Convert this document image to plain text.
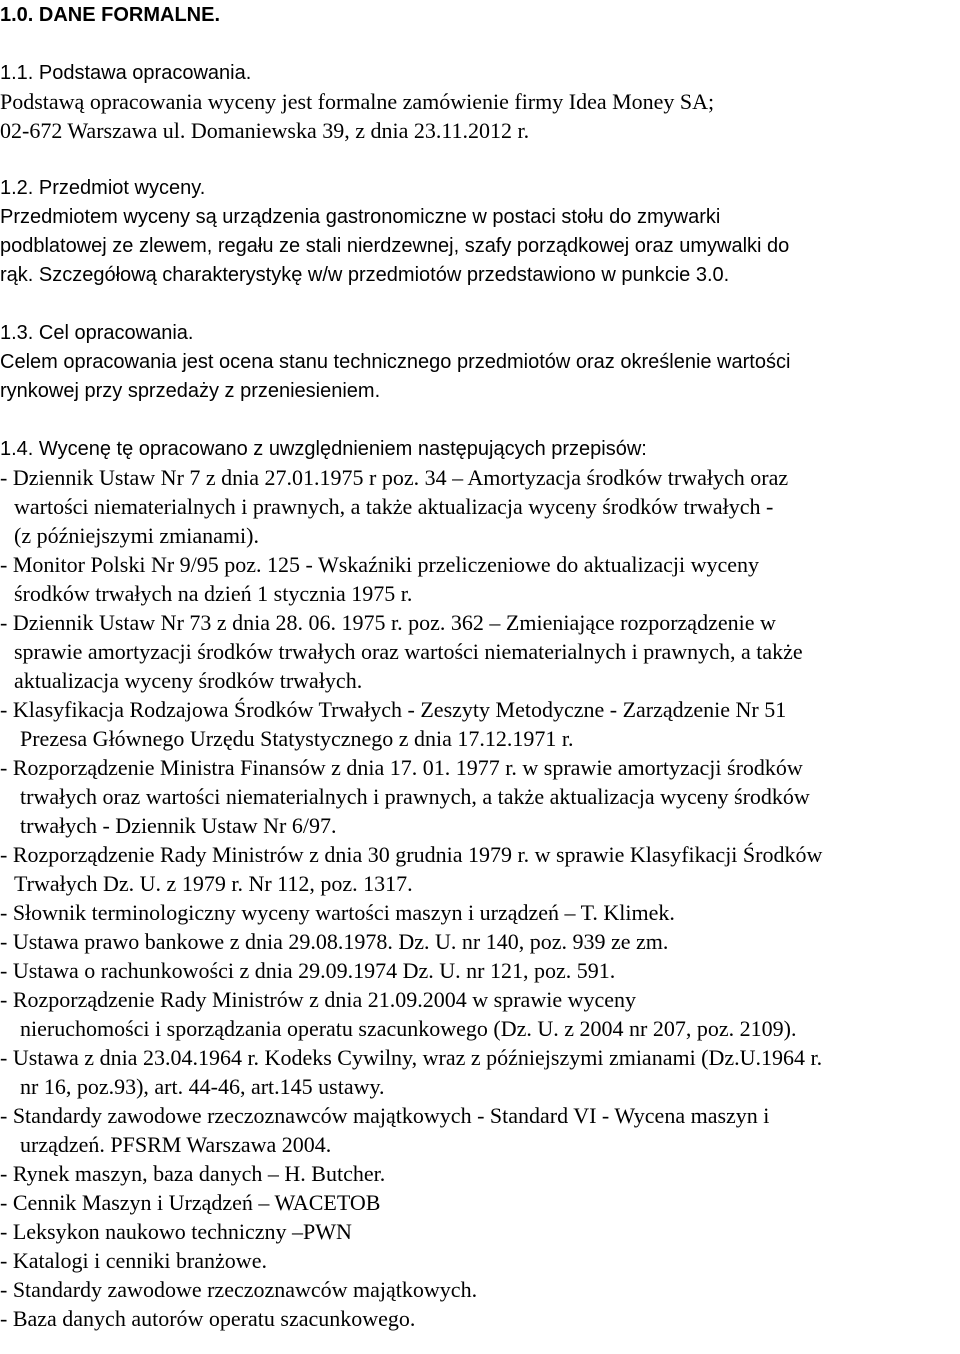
1.0. DANE FORMALNE.
1.1. Podstawa opracowania.
Podstawą opracowania wyceny jest formalne zamówienie firmy Idea Money SA;
02-672 Warszawa ul. Domaniewska 39, z dnia 23.11.2012 r.
1.2. Przedmiot wyceny.
Przedmiotem wyceny są urządzenia gastronomiczne w postaci stołu do zmywarki
podblatowej ze zlewem, regału ze stali nierdzewnej, szafy porządkowej oraz umywalki do
rąk. Szczegółową charakterystykę w/w przedmiotów przedstawiono w punkcie 3.0.
1.3. Cel opracowania.
Celem opracowania jest ocena stanu technicznego przedmiotów oraz określenie wartości
rynkowej przy sprzedaży z przeniesieniem.
1.4. Wycenę tę opracowano z uwzględnieniem następujących przepisów:
- Dziennik Ustaw Nr 7 z dnia 27.01.1975 r poz. 34 – Amortyzacja środków trwałych oraz
wartości niematerialnych i prawnych, a także aktualizacja wyceny środków trwałych -
(z późniejszymi zmianami).
- Monitor Polski Nr 9/95 poz. 125 - Wskaźniki przeliczeniowe do aktualizacji wyceny
środków trwałych na dzień 1 stycznia 1975 r.
- Dziennik Ustaw Nr 73 z dnia 28. 06. 1975 r. poz. 362 – Zmieniające rozporządzenie w
sprawie amortyzacji środków trwałych oraz wartości niematerialnych i prawnych, a także
aktualizacja wyceny środków trwałych.
- Klasyfikacja Rodzajowa Środków Trwałych - Zeszyty Metodyczne - Zarządzenie Nr 51
Prezesa Głównego Urzędu Statystycznego z dnia 17.12.1971 r.
- Rozporządzenie Ministra Finansów z dnia 17. 01. 1977 r. w sprawie amortyzacji środków
trwałych oraz wartości niematerialnych i prawnych, a także aktualizacja wyceny środków
trwałych - Dziennik Ustaw Nr 6/97.
- Rozporządzenie Rady Ministrów z dnia 30 grudnia 1979 r. w sprawie Klasyfikacji Środków
Trwałych Dz. U. z 1979 r. Nr 112, poz. 1317.
- Słownik terminologiczny wyceny wartości maszyn i urządzeń – T. Klimek.
- Ustawa prawo bankowe z dnia 29.08.1978. Dz. U. nr 140, poz. 939 ze zm.
- Ustawa o rachunkowości z dnia 29.09.1974 Dz. U. nr 121, poz. 591.
- Rozporządzenie Rady Ministrów z dnia 21.09.2004 w sprawie wyceny
nieruchomości i sporządzania operatu szacunkowego (Dz. U. z 2004 nr 207, poz. 2109).
- Ustawa z dnia 23.04.1964 r. Kodeks Cywilny, wraz z późniejszymi zmianami (Dz.U.1964 r.
nr 16, poz.93), art. 44-46, art.145 ustawy.
- Standardy zawodowe rzeczoznawców majątkowych - Standard VI - Wycena maszyn i
urządzeń. PFSRM Warszawa 2004.
- Rynek maszyn, baza danych – H. Butcher.
- Cennik Maszyn i Urządzeń – WACETOB
- Leksykon naukowo techniczny –PWN
- Katalogi i cenniki branżowe.
- Standardy zawodowe rzeczoznawców majątkowych.
- Baza danych autorów operatu szacunkowego.
